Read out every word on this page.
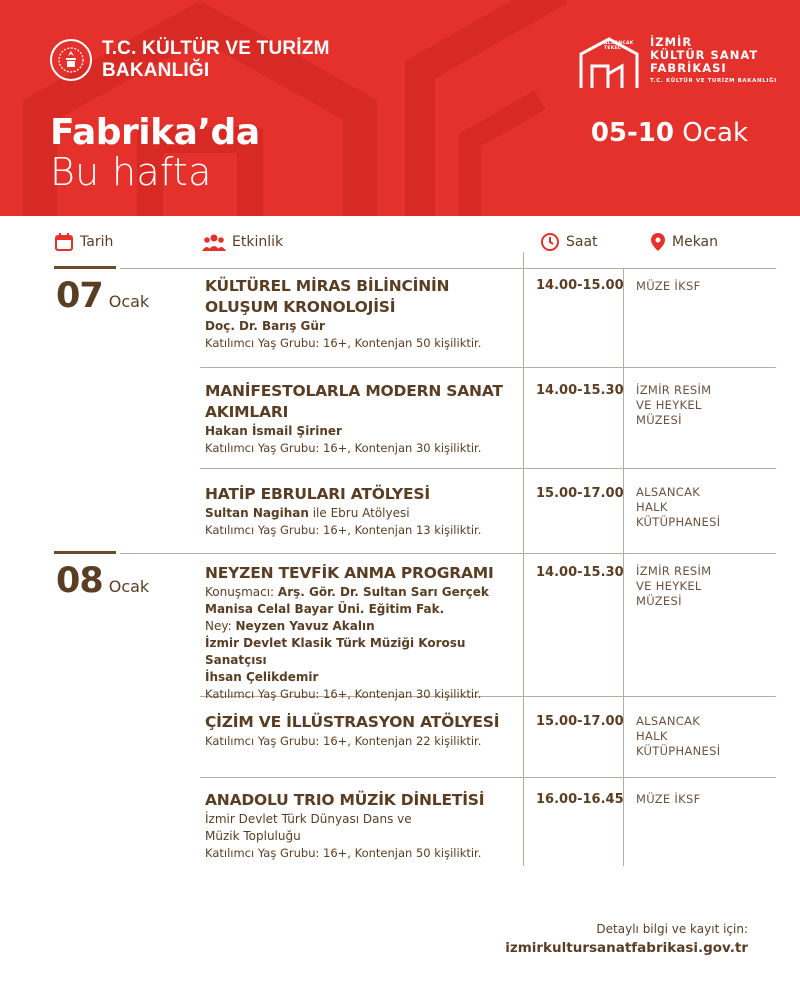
T.C. KÜLTÜR VE TURİZM
BAKANLIĞI
Fabrika’da
Bu hafta
05-10 Ocak
ALSANCAK TEKEL	İZMİR
KÜLTÜR SANAT
FABRİKASI
T.C. KÜLTÜR VE TURİZM BAKANLIĞI
Tarih	Etkinlik	Saat	Mekan
07 Ocak
KÜLTÜREL MİRAS BİLİNCİNİN
OLUŞUM KRONOLOJİSİ
Doç. Dr. Barış Gür
Katılımcı Yaş Grubu: 16+, Kontenjan 50 kişiliktir.
14.00-15.00 MÜZE İKSF
MANİFESTOLARLA MODERN SANAT
AKIMLARI
Hakan İsmail Şiriner
Katılımcı Yaş Grubu: 16+, Kontenjan 30 kişiliktir.
14.00-15.30 İZMİR RESİM
VE HEYKEL
MÜZESİ
HATİP EBRULARI ATÖLYESİ
Sultan Nagihan ile Ebru Atölyesi
Katılımcı Yaş Grubu: 16+, Kontenjan 13 kişiliktir.
15.00-17.00 ALSANCAK
HALK
KÜTÜPHANESİ
08 Ocak
NEYZEN TEVFİK ANMA PROGRAMI
Konuşmacı: Arş. Gör. Dr. Sultan Sarı Gerçek
Manisa Celal Bayar Üni. Eğitim Fak.
Ney: Neyzen Yavuz Akalın
İzmir Devlet Klasik Türk Müziği Korosu Sanatçısı
İhsan Çelikdemir
Katılımcı Yaş Grubu: 16+, Kontenjan 30 kişiliktir.
14.00-15.30 İZMİR RESİM
VE HEYKEL
MÜZESİ
ÇİZİM VE İLLÜSTRASYON ATÖLYESİ
Katılımcı Yaş Grubu: 16+, Kontenjan 22 kişiliktir.
15.00-17.00 ALSANCAK
HALK
KÜTÜPHANESİ
ANADOLU TRIO MÜZİK DİNLETİSİ
İzmir Devlet Türk Dünyası Dans ve
Müzik Topluluğu
Katılımcı Yaş Grubu: 16+, Kontenjan 50 kişiliktir.
16.00-16.45 MÜZE İKSF
Detaylı bilgi ve kayıt için:
izmirkultursanatfabrikasi.gov.tr
